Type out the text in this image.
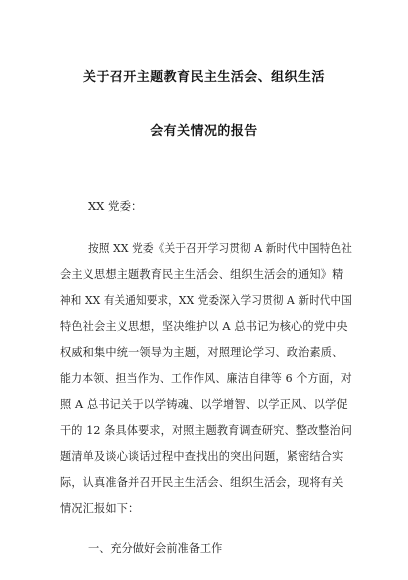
关于召开主题教育民主生活会、组织生活
会有关情况的报告
XX 党委：
按照 XX 党委《关于召开学习贯彻 A 新时代中国特色社
会主义思想主题教育民主生活会、组织生活会的通知》精
神和 XX 有关通知要求，XX 党委深入学习贯彻 A 新时代中国
特色社会主义思想，坚决维护以 A 总书记为核心的党中央
权威和集中统一领导为主题，对照理论学习、政治素质、
能力本领、担当作为、工作作风、廉洁自律等 6 个方面，对
照 A 总书记关于以学铸魂、以学增智、以学正风、以学促
干的 12 条具体要求，对照主题教育调查研究、整改整治问
题清单及谈心谈话过程中查找出的突出问题，紧密结合实
际，认真准备并召开民主生活会、组织生活会，现将有关
情况汇报如下：
一、充分做好会前准备工作
